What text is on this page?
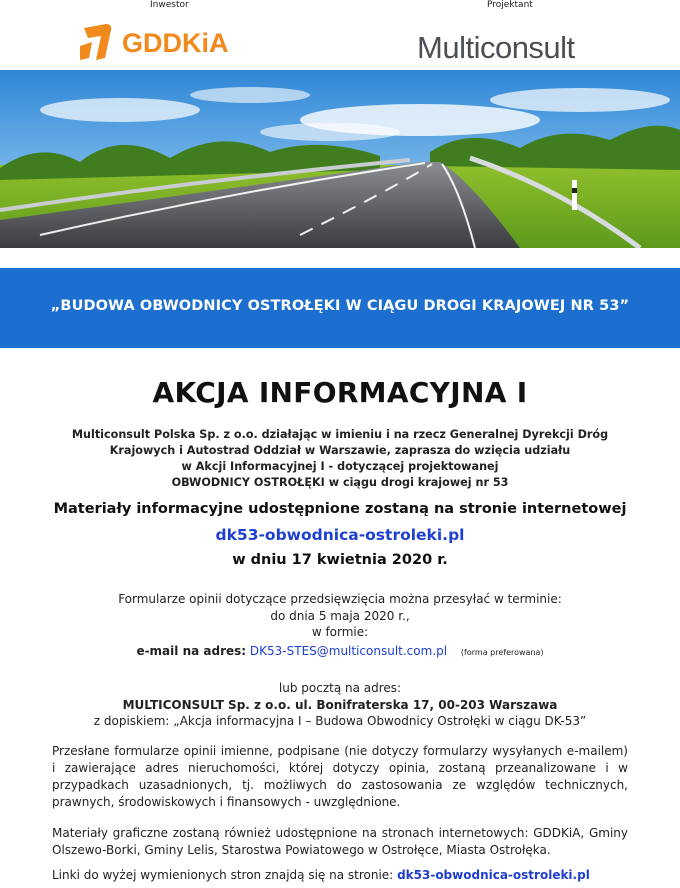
Inwestor	Projektant
GDDKiA	Multiconsult
„BUDOWA OBWODNICY OSTROŁĘKI W CIĄGU DROGI KRAJOWEJ NR 53”
AKCJA INFORMACYJNA I
Multiconsult Polska Sp. z o.o. działając w imieniu i na rzecz Generalnej Dyrekcji Dróg
Krajowych i Autostrad Oddział w Warszawie, zaprasza do wzięcia udziału
w Akcji Informacyjnej I - dotyczącej projektowanej
OBWODNICY OSTROŁĘKI w ciągu drogi krajowej nr 53
Materiały informacyjne udostępnione zostaną na stronie internetowej
dk53-obwodnica-ostroleki.pl
w dniu 17 kwietnia 2020 r.
Formularze opinii dotyczące przedsięwzięcia można przesyłać w terminie:
do dnia 5 maja 2020 r.,
w formie:
e-mail na adres: DK53-STES@multiconsult.com.pl (forma preferowana)
lub pocztą na adres:
MULTICONSULT Sp. z o.o. ul. Bonifraterska 17, 00-203 Warszawa
z dopiskiem: „Akcja informacyjna I – Budowa Obwodnicy Ostrołęki w ciągu DK-53”
Przesłane formularze opinii imienne, podpisane (nie dotyczy formularzy wysyłanych e-mailem) i zawierające adres nieruchomości, której dotyczy opinia, zostaną przeanalizowane i w przypadkach uzasadnionych, tj. możliwych do zastosowania ze względów technicznych, prawnych, środowiskowych i finansowych - uwzględnione.
Materiały graficzne zostaną również udostępnione na stronach internetowych: GDDKiA, Gminy Olszewo-Borki, Gminy Lelis, Starostwa Powiatowego w Ostrołęce, Miasta Ostrołęka.
Linki do wyżej wymienionych stron znajdą się na stronie: dk53-obwodnica-ostroleki.pl
